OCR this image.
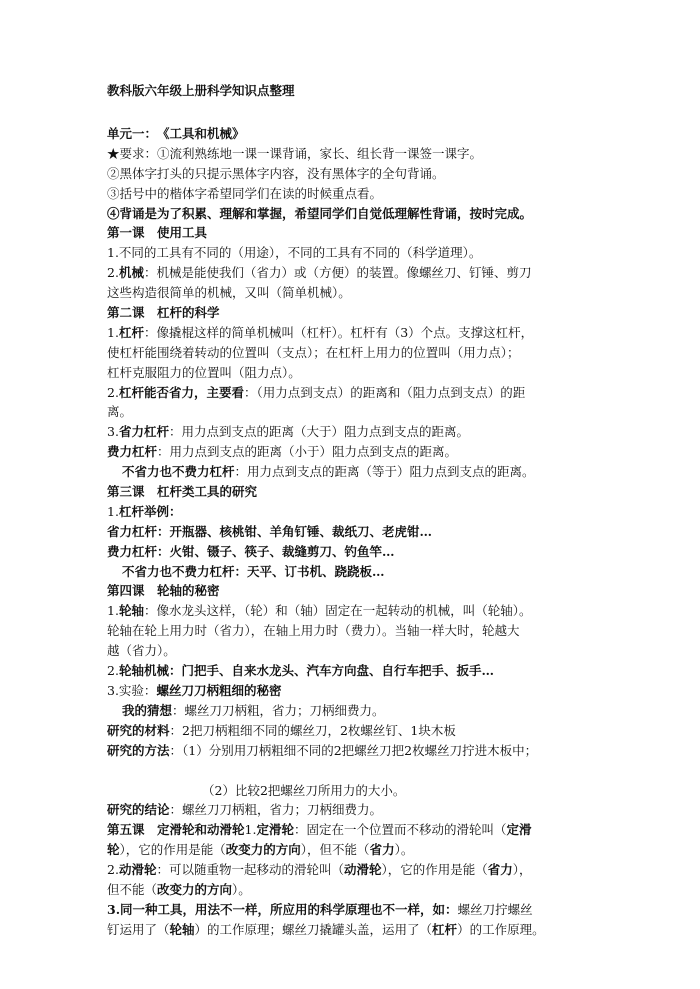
教科版六年级上册科学知识点整理
单元一：　《工具和机械》
★要求：①流利熟练地一课一课背诵，家长、组长背一课签一课字。
②黑体字打头的只提示黑体字内容，没有黑体字的全句背诵。
③括号中的楷体字希望同学们在读的时候重点看。
④背诵是为了积累、理解和掌握，希望同学们自觉低理解性背诵，按时完成。
第一课　使用工具
1.不同的工具有不同的（用途），不同的工具有不同的（科学道理）。
2.机械：机械是能使我们（省力）或（方便）的装置。像螺丝刀、钉锤、剪刀
这些构造很简单的机械，又叫（简单机械）。
第二课　杠杆的科学
1.杠杆：像撬棍这样的简单机械叫（杠杆）。杠杆有（3）个点。支撑这杠杆，
使杠杆能围绕着转动的位置叫（支点）；在杠杆上用力的位置叫（用力点）；
杠杆克服阻力的位置叫（阻力点）。
2.杠杆能否省力，主要看：（用力点到支点）的距离和（阻力点到支点）的距
离。
3.省力杠杆：用力点到支点的距离（大于）阻力点到支点的距离。
费力杠杆：用力点到支点的距离（小于）阻力点到支点的距离。
不省力也不费力杠杆：用力点到支点的距离（等于）阻力点到支点的距离。
第三课　杠杆类工具的研究
1.杠杆举例：
省力杠杆：开瓶器、核桃钳、羊角钉锤、裁纸刀、老虎钳…
费力杠杆：火钳、镊子、筷子、裁缝剪刀、钓鱼竿…
不省力也不费力杠杆：天平、订书机、跷跷板…
第四课　轮轴的秘密
1.轮轴：像水龙头这样，（轮）和（轴）固定在一起转动的机械，叫（轮轴）。
轮轴在轮上用力时（省力），在轴上用力时（费力）。当轴一样大时，轮越大
越（省力）。
2.轮轴机械：门把手、自来水龙头、汽车方向盘、自行车把手、扳手…
3.实验：螺丝刀刀柄粗细的秘密
我的猜想：螺丝刀刀柄粗，省力；刀柄细费力。
研究的材料：2把刀柄粗细不同的螺丝刀，2枚螺丝钉、1块木板
研究的方法：（1）分别用刀柄粗细不同的2把螺丝刀把2枚螺丝刀拧进木板中；
（2）比较2把螺丝刀所用力的大小。
研究的结论：螺丝刀刀柄粗，省力；刀柄细费力。
第五课　定滑轮和动滑轮1.定滑轮：固定在一个位置而不移动的滑轮叫（定滑
轮），它的作用是能（改变力的方向），但不能（省力）。
2.动滑轮：可以随重物一起移动的滑轮叫（动滑轮），它的作用是能（省力），
但不能（改变力的方向）。
3.同一种工具，用法不一样，所应用的科学原理也不一样，如：螺丝刀拧螺丝
钉运用了（轮轴）的工作原理；螺丝刀撬罐头盖，运用了（杠杆）的工作原理。
